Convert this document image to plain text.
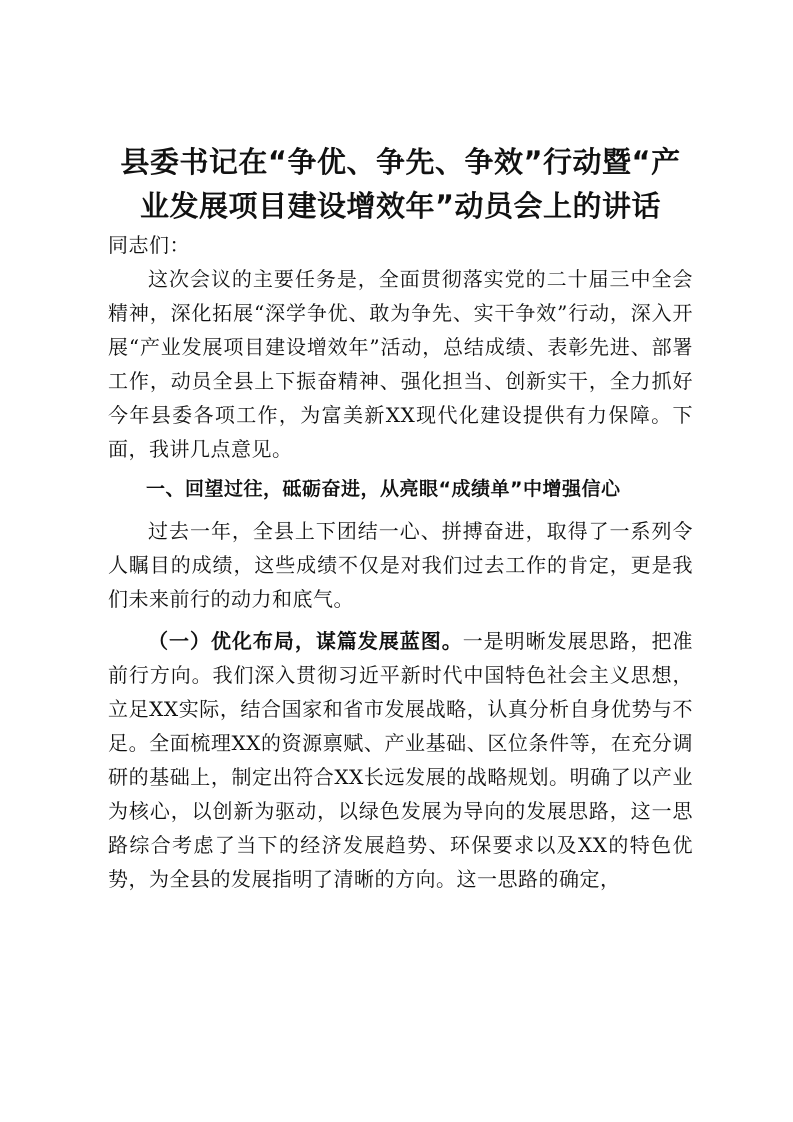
县委书记在“争优、争先、争效”行动暨“产
业发展项目建设增效年”动员会上的讲话

同志们：

这次会议的主要任务是，全面贯彻落实党的二十届三中全会精神，深化拓展“深学争优、敢为争先、实干争效”行动，深入开展“产业发展项目建设增效年”活动，总结成绩、表彰先进、部署工作，动员全县上下振奋精神、强化担当、创新实干，全力抓好今年县委各项工作，为富美新XX现代化建设提供有力保障。下面，我讲几点意见。

一、回望过往，砥砺奋进，从亮眼“成绩单”中增强信心

过去一年，全县上下团结一心、拼搏奋进，取得了一系列令人瞩目的成绩，这些成绩不仅是对我们过去工作的肯定，更是我们未来前行的动力和底气。

（一）优化布局，谋篇发展蓝图。一是明晰发展思路，把准前行方向。我们深入贯彻习近平新时代中国特色社会主义思想，立足XX实际，结合国家和省市发展战略，认真分析自身优势与不足。全面梳理XX的资源禀赋、产业基础、区位条件等，在充分调研的基础上，制定出符合XX长远发展的战略规划。明确了以产业为核心，以创新为驱动，以绿色发展为导向的发展思路，这一思路综合考虑了当下的经济发展趋势、环保要求以及XX的特色优势，为全县的发展指明了清晰的方向。这一思路的确定，
